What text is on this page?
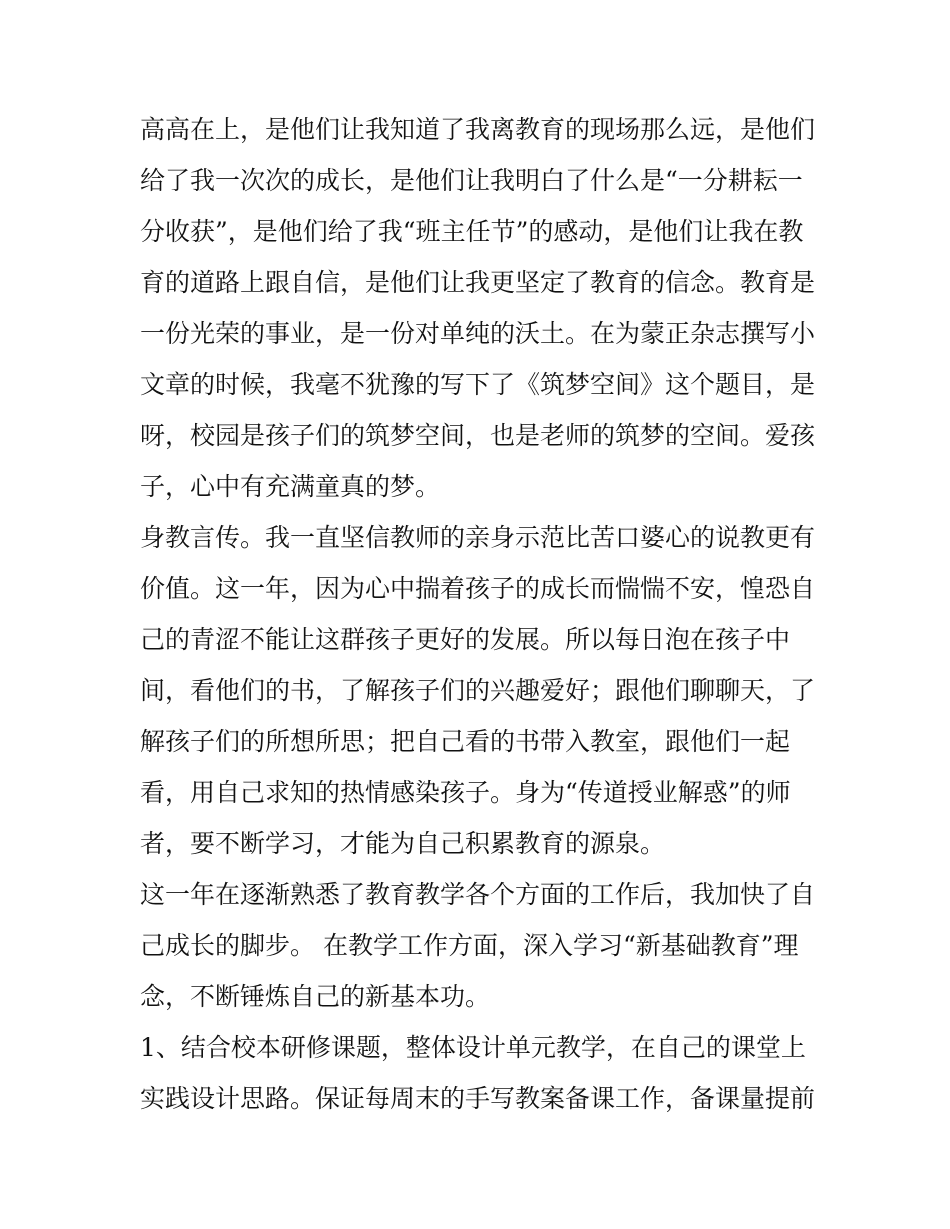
高高在上，是他们让我知道了我离教育的现场那么远，是他们
给了我一次次的成长，是他们让我明白了什么是“一分耕耘一
分收获”，是他们给了我“班主任节”的感动，是他们让我在教
育的道路上跟自信，是他们让我更坚定了教育的信念。教育是
一份光荣的事业，是一份对单纯的沃土。在为蒙正杂志撰写小
文章的时候，我毫不犹豫的写下了《筑梦空间》这个题目，是
呀，校园是孩子们的筑梦空间，也是老师的筑梦的空间。爱孩
子，心中有充满童真的梦。
身教言传。我一直坚信教师的亲身示范比苦口婆心的说教更有
价值。这一年，因为心中揣着孩子的成长而惴惴不安，惶恐自
己的青涩不能让这群孩子更好的发展。所以每日泡在孩子中
间，看他们的书，了解孩子们的兴趣爱好；跟他们聊聊天，了
解孩子们的所想所思；把自己看的书带入教室，跟他们一起
看，用自己求知的热情感染孩子。身为“传道授业解惑”的师
者，要不断学习，才能为自己积累教育的源泉。
这一年在逐渐熟悉了教育教学各个方面的工作后，我加快了自
己成长的脚步。 在教学工作方面，深入学习“新基础教育”理
念，不断锤炼自己的新基本功。
1、结合校本研修课题，整体设计单元教学，在自己的课堂上
实践设计思路。保证每周末的手写教案备课工作，备课量提前
